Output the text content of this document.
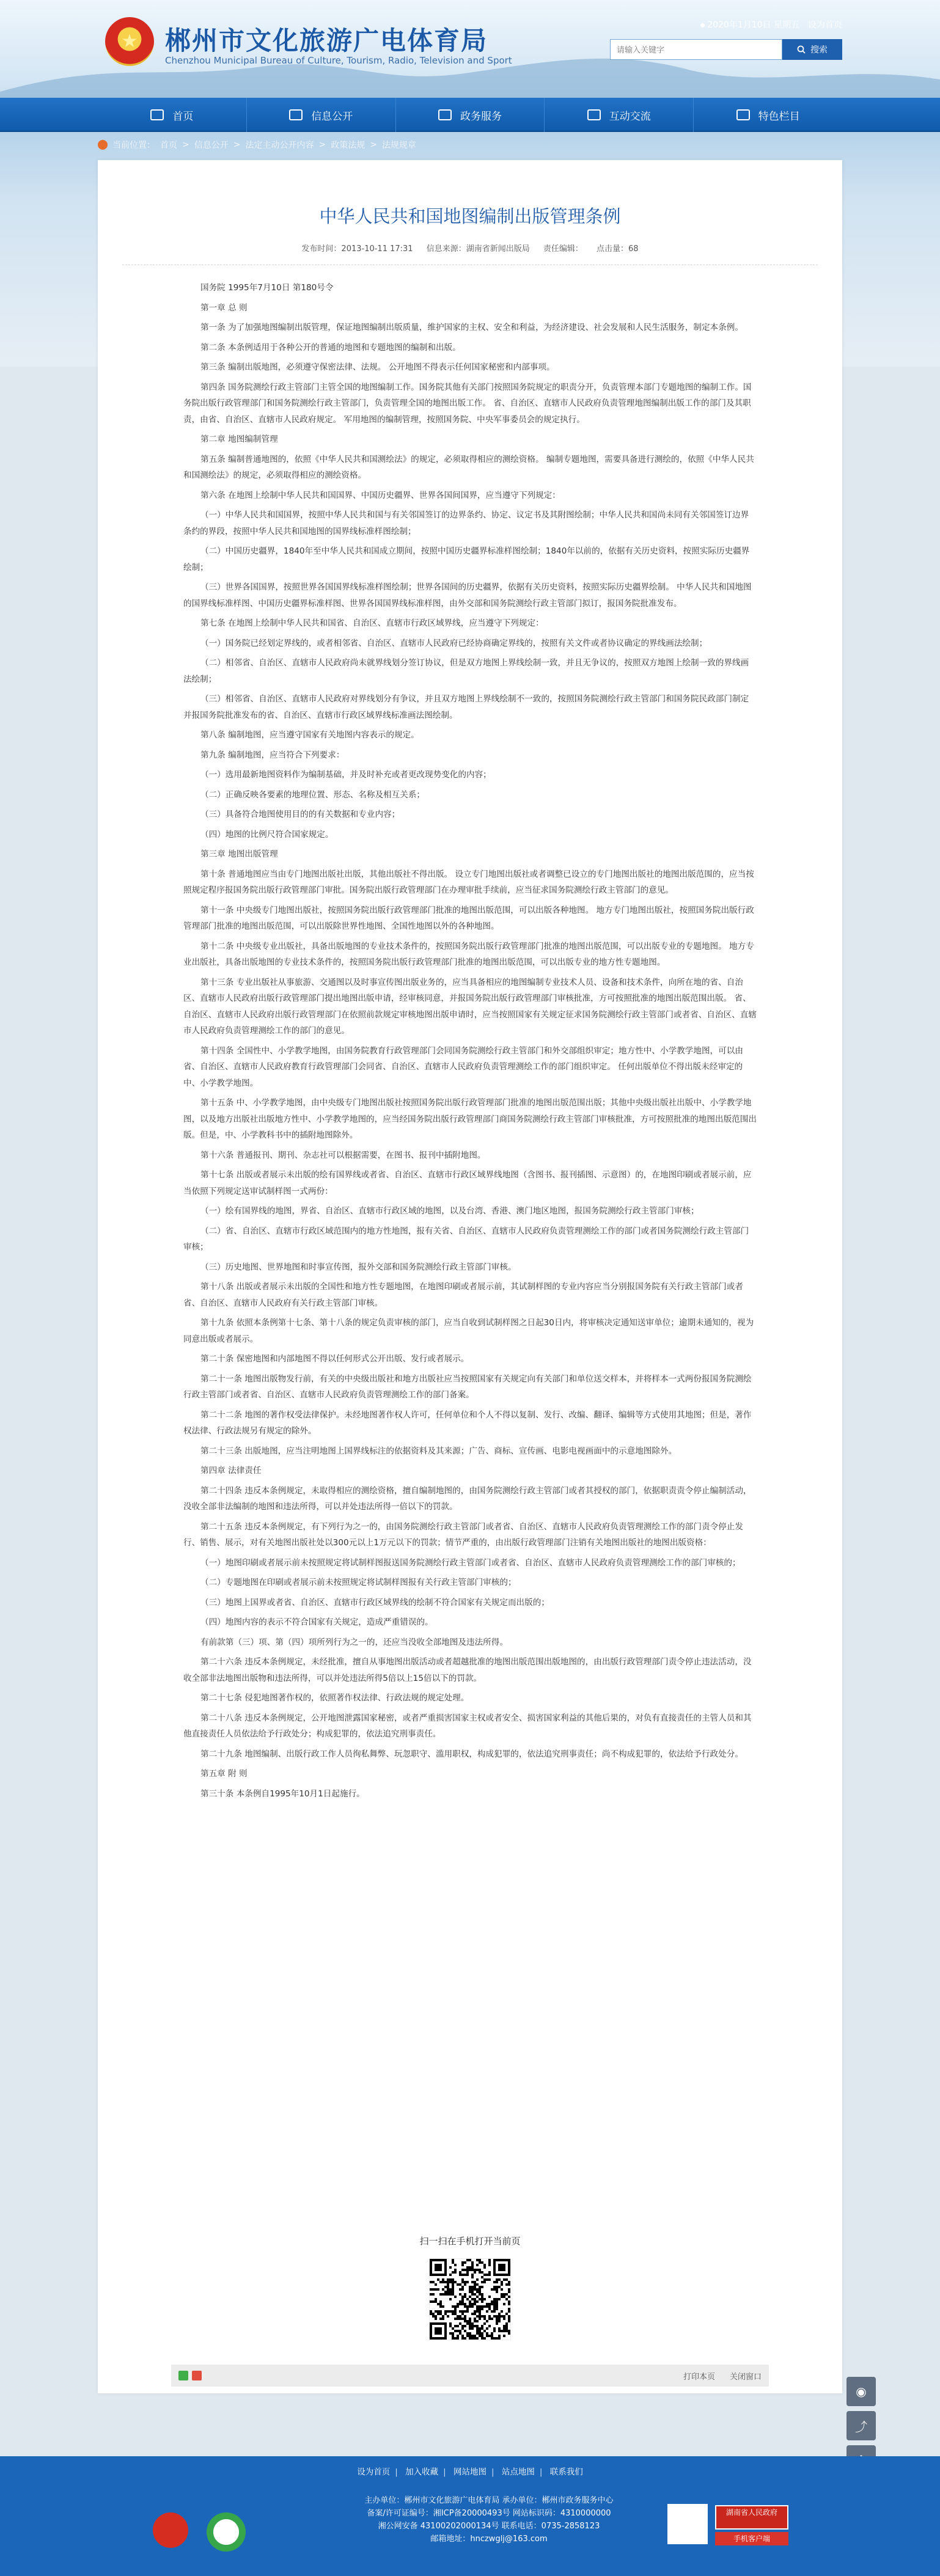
★	郴州市文化旅游广电体育局
Chenzhou Municipal Bureau of Culture, Tourism, Radio, Television and Sport
2020年1月10日 星期五 设为首页
请输入关键字
搜索
首页	信息公开	政务服务	互动交流	特色栏目
当前位置： 首页 > 信息公开 > 法定主动公开内容 > 政策法规 > 法规规章
中华人民共和国地图编制出版管理条例
发布时间：2013-10-11 17:31 信息来源：湖南省新闻出版局 责任编辑： 点击量：68

国务院 1995年7月10日 第180号令

第一章 总 则

第一条 为了加强地图编制出版管理，保证地图编制出版质量，维护国家的主权、安全和利益，为经济建设、社会发展和人民生活服务，制定本条例。

第二条 本条例适用于各种公开的普通的地图和专题地图的编制和出版。

第三条 编制出版地图，必须遵守保密法律、法规。 公开地图不得表示任何国家秘密和内部事项。

第四条 国务院测绘行政主管部门主管全国的地图编制工作。国务院其他有关部门按照国务院规定的职责分开，负责管理本部门专题地图的编制工作。国务院出版行政管理部门和国务院测绘行政主管部门，负责管理全国的地图出版工作。 省、自治区、直辖市人民政府负责管理地图编制出版工作的部门及其职责，由省、自治区、直辖市人民政府规定。 军用地图的编制管理，按照国务院、中央军事委员会的规定执行。

第二章 地图编制管理

第五条 编制普通地图的，依照《中华人民共和国测绘法》的规定，必须取得相应的测绘资格。 编制专题地图，需要具备进行测绘的，依照《中华人民共和国测绘法》的规定，必须取得相应的测绘资格。

第六条 在地图上绘制中华人民共和国国界、中国历史疆界、世界各国间国界，应当遵守下列规定：

（一）中华人民共和国国界，按照中华人民共和国与有关邻国签订的边界条约、协定、议定书及其附图绘制；中华人民共和国尚未同有关邻国签订边界条约的界段，按照中华人民共和国地图的国界线标准样图绘制；

（二）中国历史疆界，1840年至中华人民共和国成立期间，按照中国历史疆界标准样图绘制；1840年以前的，依据有关历史资料，按照实际历史疆界绘制；

（三）世界各国国界，按照世界各国国界线标准样图绘制；世界各国间的历史疆界，依据有关历史资料，按照实际历史疆界绘制。 中华人民共和国地图的国界线标准样图、中国历史疆界标准样图、世界各国国界线标准样图，由外交部和国务院测绘行政主管部门拟订，报国务院批准发布。

第七条 在地图上绘制中华人民共和国省、自治区、直辖市行政区域界线，应当遵守下列规定：

（一）国务院已经划定界线的，或者相邻省、自治区、直辖市人民政府已经协商确定界线的，按照有关文件或者协议确定的界线画法绘制；

（二）相邻省、自治区、直辖市人民政府尚未就界线划分签订协议，但是双方地图上界线绘制一致，并且无争议的，按照双方地图上绘制一致的界线画法绘制；

（三）相邻省、自治区、直辖市人民政府对界线划分有争议，并且双方地图上界线绘制不一致的，按照国务院测绘行政主管部门和国务院民政部门制定并报国务院批准发布的省、自治区、直辖市行政区域界线标准画法图绘制。

第八条 编制地图，应当遵守国家有关地图内容表示的规定。

第九条 编制地图，应当符合下列要求：

（一）选用最新地图资料作为编制基础，并及时补充或者更改现势变化的内容；

（二）正确反映各要素的地理位置、形态、名称及相互关系；

（三）具备符合地图使用目的的有关数据和专业内容；

（四）地图的比例尺符合国家规定。

第三章 地图出版管理

第十条 普通地图应当由专门地图出版社出版，其他出版社不得出版。 设立专门地图出版社或者调整已设立的专门地图出版社的地图出版范围的，应当按照规定程序报国务院出版行政管理部门审批。国务院出版行政管理部门在办理审批手续前，应当征求国务院测绘行政主管部门的意见。

第十一条 中央级专门地图出版社，按照国务院出版行政管理部门批准的地图出版范围，可以出版各种地图。 地方专门地图出版社，按照国务院出版行政管理部门批准的地图出版范围，可以出版除世界性地图、全国性地图以外的各种地图。

第十二条 中央级专业出版社，具备出版地图的专业技术条件的，按照国务院出版行政管理部门批准的地图出版范围，可以出版专业的专题地图。 地方专业出版社，具备出版地图的专业技术条件的，按照国务院出版行政管理部门批准的地图出版范围，可以出版专业的地方性专题地图。

第十三条 专业出版社从事旅游、交通图以及时事宣传图出版业务的，应当具备相应的地图编制专业技术人员、设备和技术条件，向所在地的省、自治区、直辖市人民政府出版行政管理部门提出地图出版申请，经审核同意，并报国务院出版行政管理部门审核批准，方可按照批准的地图出版范围出版。 省、自治区、直辖市人民政府出版行政管理部门在依照前款规定审核地图出版申请时，应当按照国家有关规定征求国务院测绘行政主管部门或者省、自治区、直辖市人民政府负责管理测绘工作的部门的意见。

第十四条 全国性中、小学教学地图，由国务院教育行政管理部门会同国务院测绘行政主管部门和外交部组织审定；地方性中、小学教学地图，可以由省、自治区、直辖市人民政府教育行政管理部门会同省、自治区、直辖市人民政府负责管理测绘工作的部门组织审定。 任何出版单位不得出版未经审定的中、小学教学地图。

第十五条 中、小学教学地图，由中央级专门地图出版社按照国务院出版行政管理部门批准的地图出版范围出版；其他中央级出版社出版中、小学教学地图，以及地方出版社出版地方性中、小学教学地图的，应当经国务院出版行政管理部门商国务院测绘行政主管部门审核批准，方可按照批准的地图出版范围出版。但是，中、小学教科书中的插附地图除外。

第十六条 普通报刊、期刊、杂志社可以根据需要，在图书、报刊中插附地图。

第十七条 出版或者展示未出版的绘有国界线或者省、自治区、直辖市行政区域界线地图（含图书、报刊插图、示意图）的，在地图印刷或者展示前，应当依照下列规定送审试制样图一式两份：

（一）绘有国界线的地图，界省、自治区、直辖市行政区域的地图，以及台湾、香港、澳门地区地图，报国务院测绘行政主管部门审核；

（二）省、自治区、直辖市行政区域范围内的地方性地图，报有关省、自治区、直辖市人民政府负责管理测绘工作的部门或者国务院测绘行政主管部门审核；

（三）历史地图、世界地图和时事宣传图，报外交部和国务院测绘行政主管部门审核。

第十八条 出版或者展示未出版的全国性和地方性专题地图，在地图印刷或者展示前，其试制样图的专业内容应当分别报国务院有关行政主管部门或者省、自治区、直辖市人民政府有关行政主管部门审核。

第十九条 依照本条例第十七条、第十八条的规定负责审核的部门，应当自收到试制样图之日起30日内，将审核决定通知送审单位；逾期未通知的，视为同意出版或者展示。

第二十条 保密地图和内部地图不得以任何形式公开出版、发行或者展示。

第二十一条 地图出版物发行前，有关的中央级出版社和地方出版社应当按照国家有关规定向有关部门和单位送交样本，并将样本一式两份报国务院测绘行政主管部门或者省、自治区、直辖市人民政府负责管理测绘工作的部门备案。

第二十二条 地图的著作权受法律保护。未经地图著作权人许可，任何单位和个人不得以复制、发行、改编、翻译、编辑等方式使用其地图；但是，著作权法律、行政法规另有规定的除外。

第二十三条 出版地图，应当注明地图上国界线标注的依据资料及其来源；广告、商标、宣传画、电影电视画面中的示意地图除外。

第四章 法律责任

第二十四条 违反本条例规定，未取得相应的测绘资格，擅自编制地图的，由国务院测绘行政主管部门或者其授权的部门，依据职责责令停止编制活动，没收全部非法编制的地图和违法所得，可以并处违法所得一倍以下的罚款。

第二十五条 违反本条例规定，有下列行为之一的，由国务院测绘行政主管部门或者省、自治区、直辖市人民政府负责管理测绘工作的部门责令停止发行、销售、展示，对有关地图出版社处以300元以上1万元以下的罚款；情节严重的，由出版行政管理部门注销有关地图出版社的地图出版资格：

（一）地图印刷或者展示前未按照规定将试制样图报送国务院测绘行政主管部门或者省、自治区、直辖市人民政府负责管理测绘工作的部门审核的；

（二）专题地图在印刷或者展示前未按照规定将试制样图报有关行政主管部门审核的；

（三）地图上国界或者省、自治区、直辖市行政区域界线的绘制不符合国家有关规定而出版的；

（四）地图内容的表示不符合国家有关规定，造成严重错误的。

有前款第（三）项、第（四）项所列行为之一的，还应当没收全部地图及违法所得。

第二十六条 违反本条例规定，未经批准，擅自从事地图出版活动或者超越批准的地图出版范围出版地图的，由出版行政管理部门责令停止违法活动，没收全部非法地图出版物和违法所得，可以并处违法所得5倍以上15倍以下的罚款。

第二十七条 侵犯地图著作权的，依照著作权法律、行政法规的规定处理。

第二十八条 违反本条例规定，公开地图泄露国家秘密，或者严重损害国家主权或者安全、损害国家利益的其他后果的，对负有直接责任的主管人员和其他直接责任人员依法给予行政处分；构成犯罪的，依法追究刑事责任。

第二十九条 地图编制、出版行政工作人员徇私舞弊、玩忽职守、滥用职权，构成犯罪的，依法追究刑事责任；尚不构成犯罪的，依法给予行政处分。

第五章 附 则

第三十条 本条例自1995年10月1日起施行。

扫一扫在手机打开当前页
打印本页 关闭窗口
◉
⤴
设为首页 | 加入收藏 | 网站地图 | 站点地图 | 联系我们
主办单位：郴州市文化旅游广电体育局 承办单位：郴州市政务服务中心
备案/许可证编号：湘ICP备20000493号 网站标识码：4310000000
湘公网安备 43100202000134号 联系电话：0735-2858123
邮箱地址：hnczwglj@163.com
湖南省人民政府
手机客户端
